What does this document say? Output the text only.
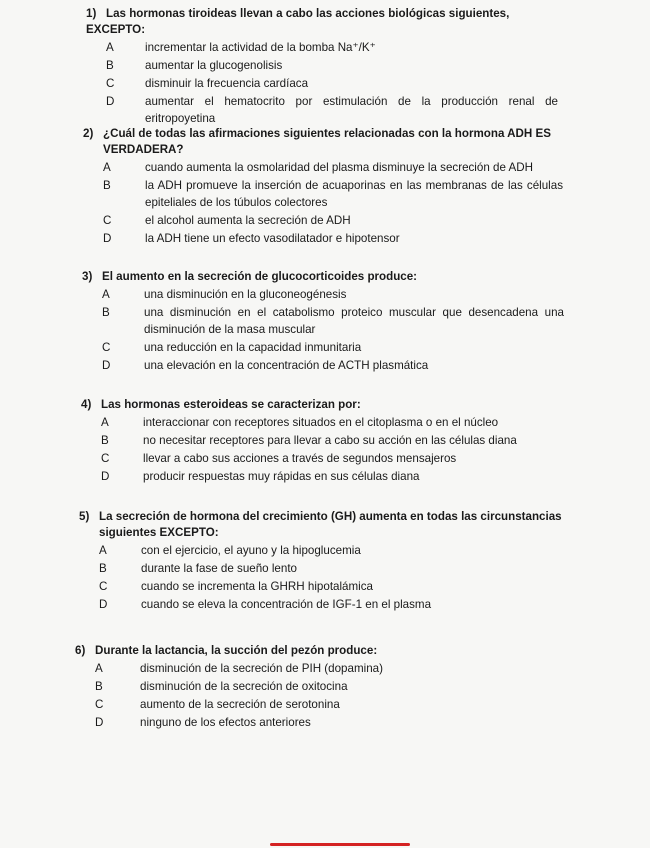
1) Las hormonas tiroideas llevan a cabo las acciones biológicas siguientes, EXCEPTO:
A	incrementar la actividad de la bomba Na⁺/K⁺
B	aumentar la glucogenolisis
C	disminuir la frecuencia cardíaca
D	aumentar el hematocrito por estimulación de la producción renal de eritropoyetina
2) ¿Cuál de todas las afirmaciones siguientes relacionadas con la hormona ADH ES
VERDADERA?
A	cuando aumenta la osmolaridad del plasma disminuye la secreción de ADH
B	la ADH promueve la inserción de acuaporinas en las membranas de las células epiteliales de los túbulos colectores
C	el alcohol aumenta la secreción de ADH
D	la ADH tiene un efecto vasodilatador e hipotensor
3) El aumento en la secreción de glucocorticoides produce:
A	una disminución en la gluconeogénesis
B	una disminución en el catabolismo proteico muscular que desencadena una disminución de la masa muscular
C	una reducción en la capacidad inmunitaria
D	una elevación en la concentración de ACTH plasmática
4) Las hormonas esteroideas se caracterizan por:
A	interaccionar con receptores situados en el citoplasma o en el núcleo
B	no necesitar receptores para llevar a cabo su acción en las células diana
C	llevar a cabo sus acciones a través de segundos mensajeros
D	producir respuestas muy rápidas en sus células diana
5) La secreción de hormona del crecimiento (GH) aumenta en todas las circunstancias
siguientes EXCEPTO:
A	con el ejercicio, el ayuno y la hipoglucemia
B	durante la fase de sueño lento
C	cuando se incrementa la GHRH hipotalámica
D	cuando se eleva la concentración de IGF-1 en el plasma
6) Durante la lactancia, la succión del pezón produce:
A	disminución de la secreción de PIH (dopamina)
B	disminución de la secreción de oxitocina
C	aumento de la secreción de serotonina
D	ninguno de los efectos anteriores
